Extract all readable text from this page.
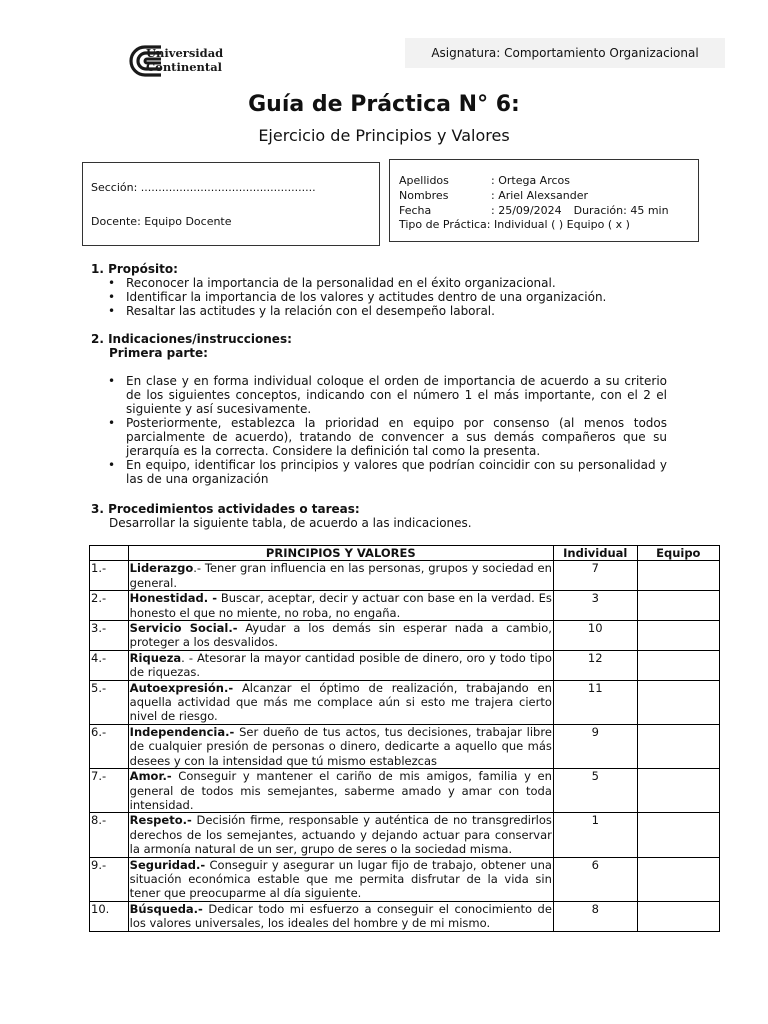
Universidad
Continental
Asignatura: Comportamiento Organizacional
Guía de Práctica N° 6:
Ejercicio de Principios y Valores
Sección: ..................................................
Docente: Equipo Docente
Apellidos	: Ortega Arcos
Nombres	: Ariel Alexsander
Fecha	: 25/09/2024 Duración: 45 min
Tipo de Práctica: Individual ( ) Equipo ( x )
1. Propósito:
• Reconocer la importancia de la personalidad en el éxito organizacional.
• Identificar la importancia de los valores y actitudes dentro de una organización.
• Resaltar las actitudes y la relación con el desempeño laboral.
2. Indicaciones/instrucciones:
Primera parte:
• En clase y en forma individual coloque el orden de importancia de acuerdo a su criterio de los siguientes conceptos, indicando con el número 1 el más importante, con el 2 el siguiente y así sucesivamente.
• Posteriormente, establezca la prioridad en equipo por consenso (al menos todos parcialmente de acuerdo), tratando de convencer a sus demás compañeros que su jerarquía es la correcta. Considere la definición tal como la presenta.
• En equipo, identificar los principios y valores que podrían coincidir con su personalidad y las de una organización
3. Procedimientos actividades o tareas:
Desarrollar la siguiente tabla, de acuerdo a las indicaciones.
	PRINCIPIOS Y VALORES	Individual	Equipo
1.-	Liderazgo.- Tener gran influencia en las personas, grupos y sociedad en general.	7	
2.-	Honestidad. - Buscar, aceptar, decir y actuar con base en la verdad. Es honesto el que no miente, no roba, no engaña.	3	
3.-	Servicio Social.- Ayudar a los demás sin esperar nada a cambio, proteger a los desvalidos.	10	
4.-	Riqueza. - Atesorar la mayor cantidad posible de dinero, oro y todo tipo de riquezas.	12	
5.-	Autoexpresión.- Alcanzar el óptimo de realización, trabajando en aquella actividad que más me complace aún si esto me trajera cierto nivel de riesgo.	11	
6.-	Independencia.- Ser dueño de tus actos, tus decisiones, trabajar libre de cualquier presión de personas o dinero, dedicarte a aquello que más desees y con la intensidad que tú mismo establezcas	9	
7.-	Amor.- Conseguir y mantener el cariño de mis amigos, familia y en general de todos mis semejantes, saberme amado y amar con toda intensidad.	5	
8.-	Respeto.- Decisión firme, responsable y auténtica de no transgredirlos derechos de los semejantes, actuando y dejando actuar para conservar la armonía natural de un ser, grupo de seres o la sociedad misma.	1	
9.-	Seguridad.- Conseguir y asegurar un lugar fijo de trabajo, obtener una situación económica estable que me permita disfrutar de la vida sin tener que preocuparme al día siguiente.	6	
10.	Búsqueda.- Dedicar todo mi esfuerzo a conseguir el conocimiento de los valores universales, los ideales del hombre y de mi mismo.	8	
